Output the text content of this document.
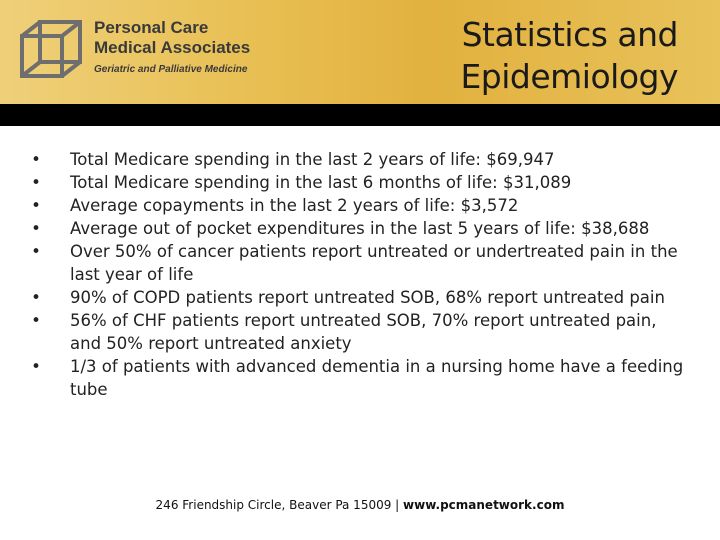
Personal Care
Medical Associates
Geriatric and Palliative Medicine
Statistics and
Epidemiology
• Total Medicare spending in the last 2 years of life: $69,947
• Total Medicare spending in the last 6 months of life: $31,089
• Average copayments in the last 2 years of life: $3,572
• Average out of pocket expenditures in the last 5 years of life: $38,688
• Over 50% of cancer patients report untreated or undertreated pain in the last year of life
• 90% of COPD patients report untreated SOB, 68% report untreated pain
• 56% of CHF patients report untreated SOB, 70% report untreated pain, and 50% report untreated anxiety
• 1/3 of patients with advanced dementia in a nursing home have a feeding tube
246 Friendship Circle, Beaver Pa 15009 | www.pcmanetwork.com
